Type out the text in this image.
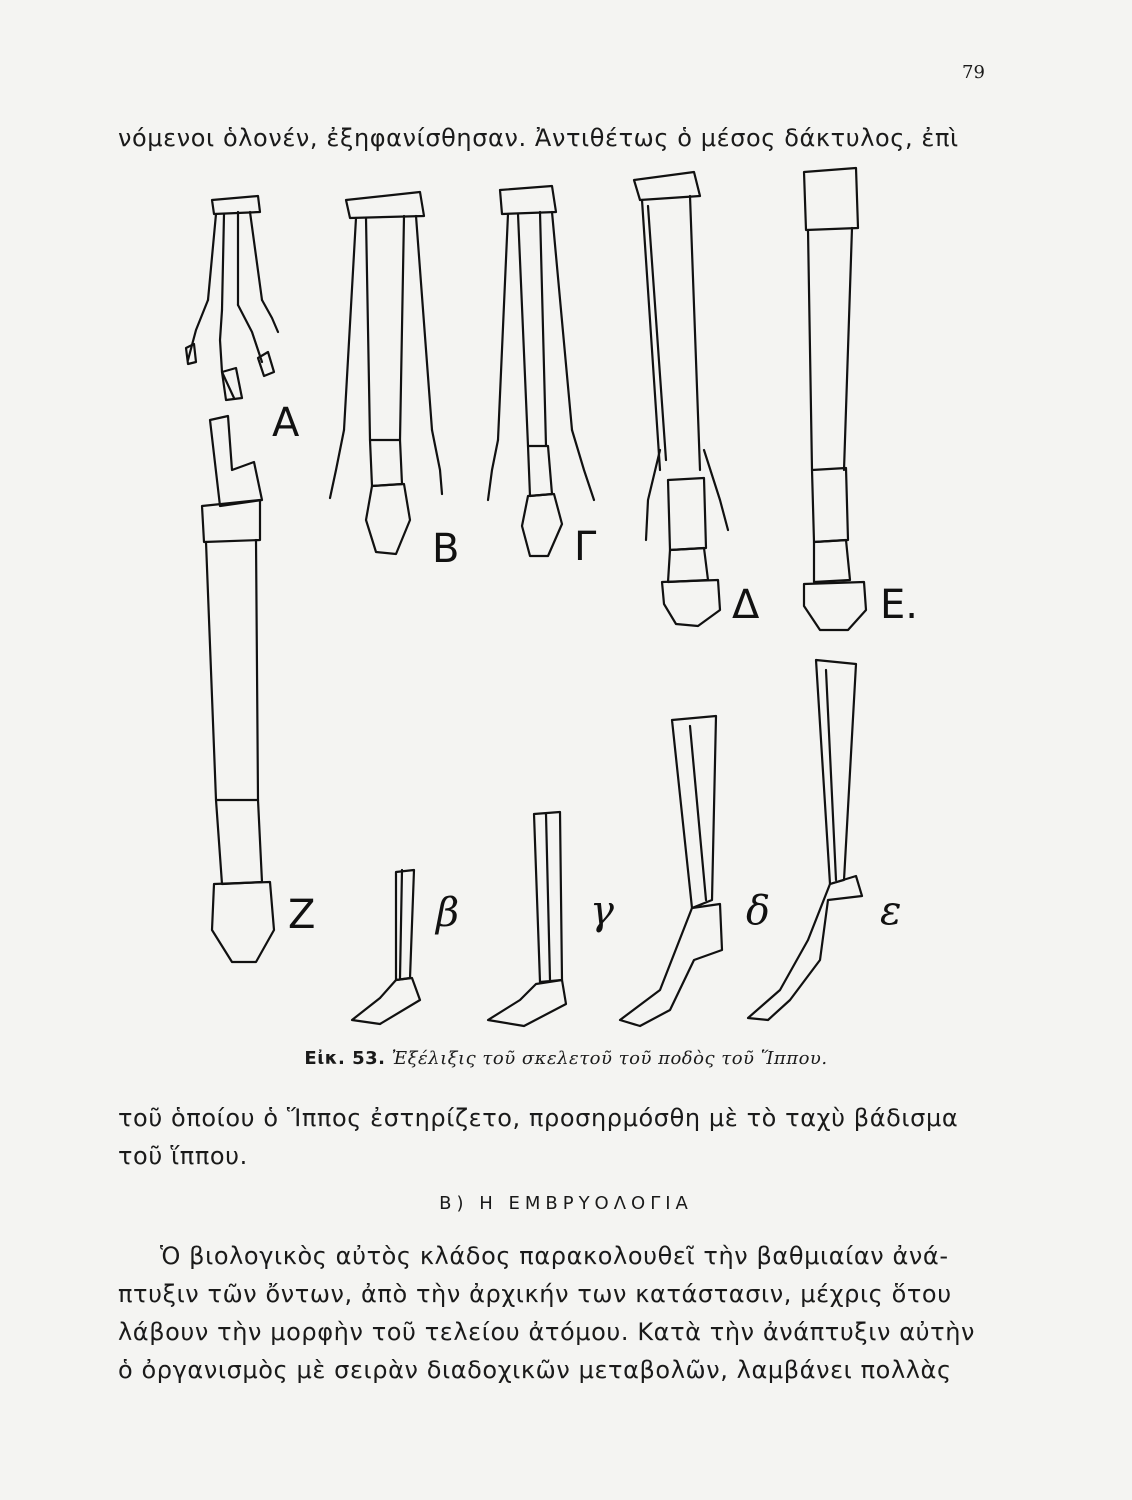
79
νόμενοι ὁλονέν, ἐξηφανίσθησαν. Ἀντιθέτως ὁ μέσος δάκτυλος, ἐπὶ
Α
Β	Γ
Δ	Ε.
Ζ	β	γ	δ	ε
Εἰκ. 53. Ἐξέλιξις τοῦ σκελετοῦ τοῦ ποδὸς τοῦ Ἵππου.
τοῦ ὁποίου ὁ Ἵππος ἐστηρίζετο, προσηρμόσθη μὲ τὸ ταχὺ βάδισμα
τοῦ ἵππου.
Β) Η ΕΜΒΡΥΟΛΟΓΙΑ
Ὁ βιολογικὸς αὐτὸς κλάδος παρακολουθεῖ τὴν βαθμιαίαν ἀνά-
πτυξιν τῶν ὄντων, ἀπὸ τὴν ἀρχικήν των κατάστασιν, μέχρις ὅτου
λάβουν τὴν μορφὴν τοῦ τελείου ἀτόμου. Κατὰ τὴν ἀνάπτυξιν αὐτὴν
ὁ ὀργανισμὸς μὲ σειρὰν διαδοχικῶν μεταβολῶν, λαμβάνει πολλὰς
